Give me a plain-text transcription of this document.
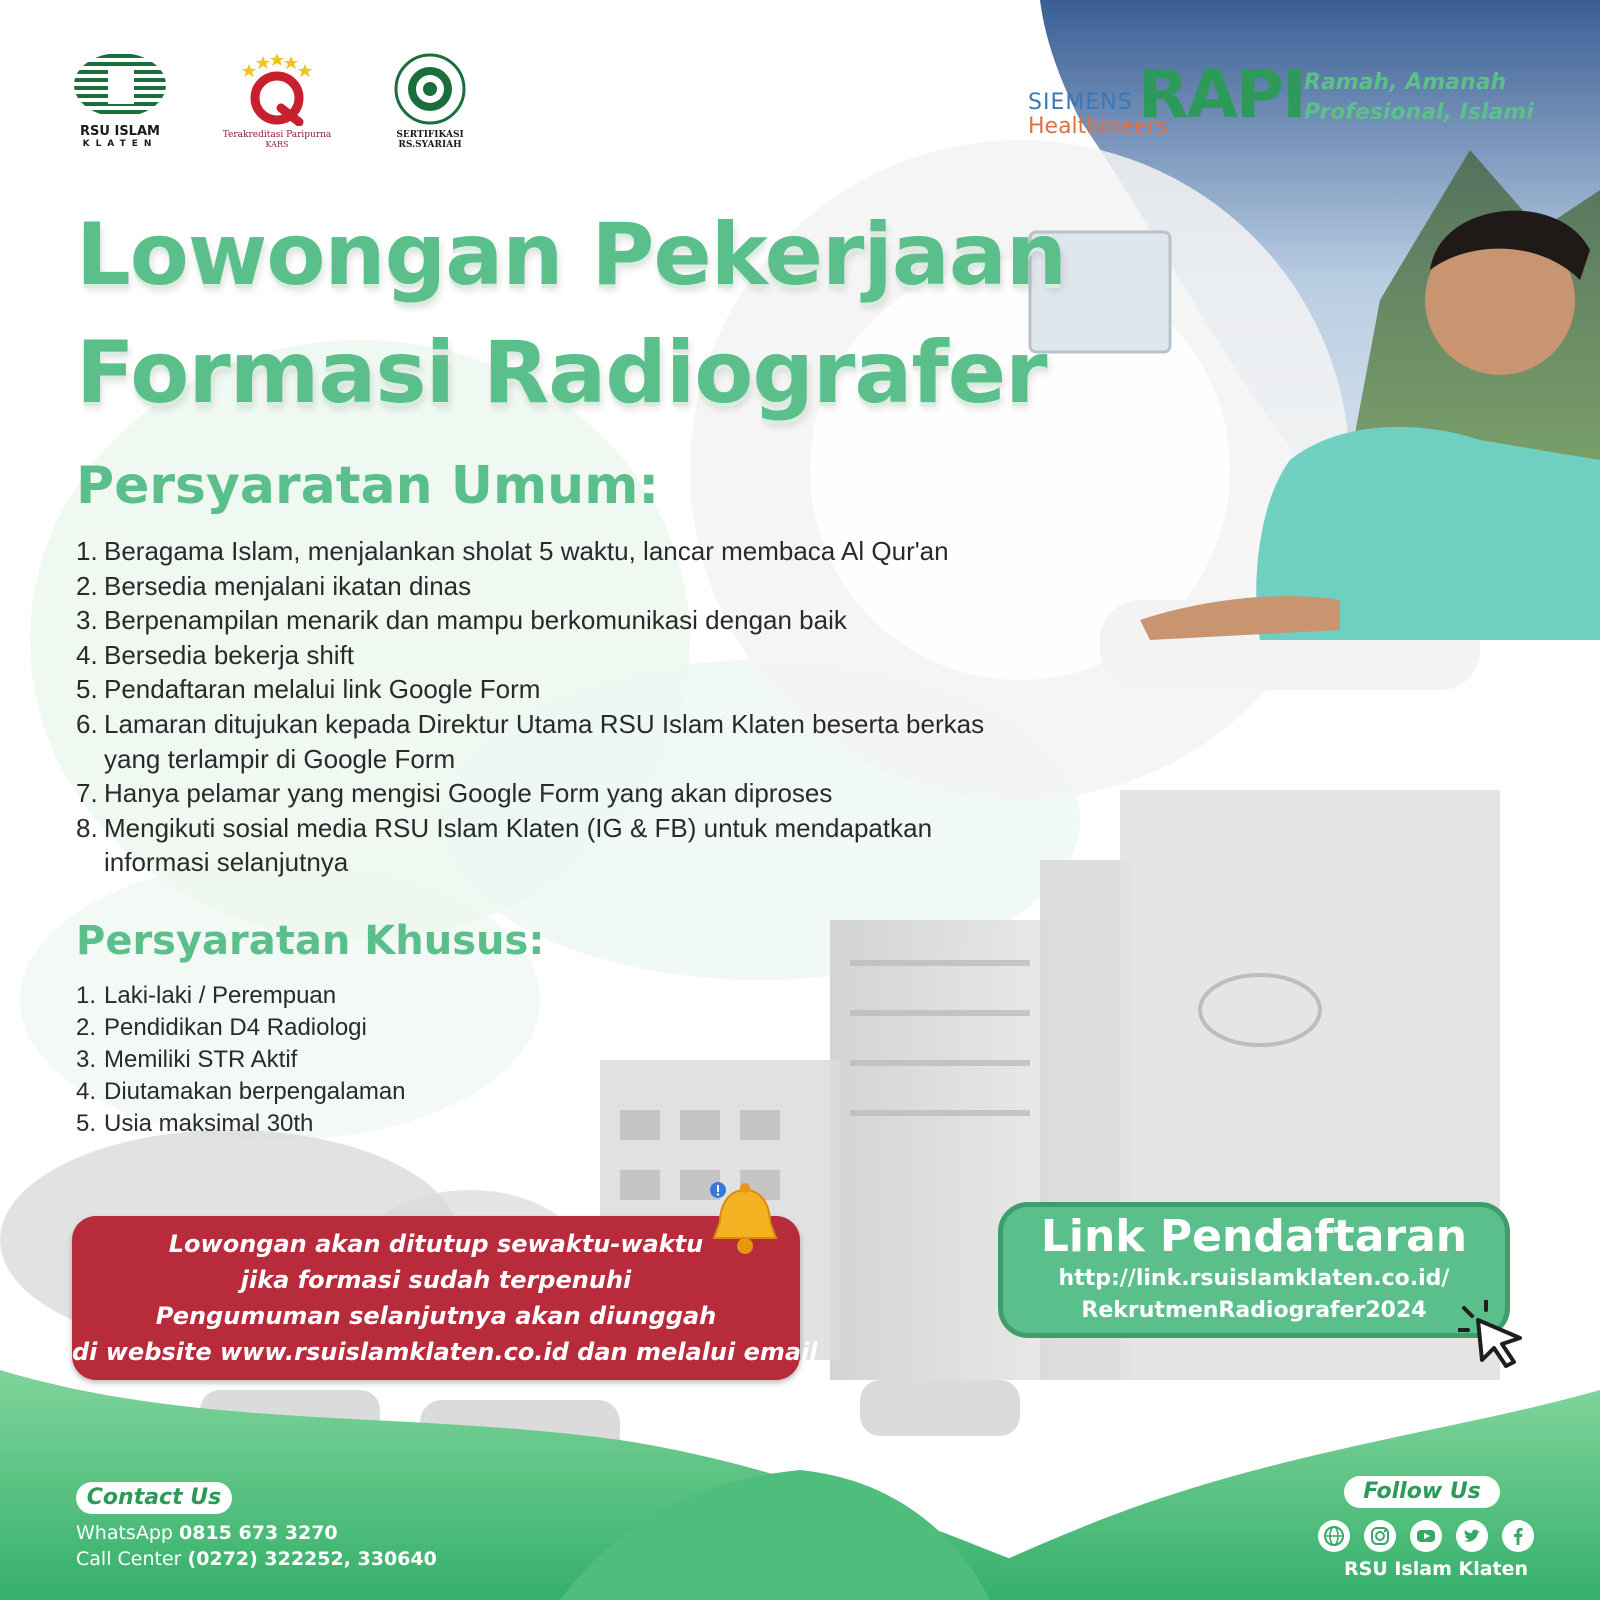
RSU ISLAM
KLATEN
Terakreditasi Paripurna
KARS
SERTIFIKASI
RS.SYARIAH
SIEMENS
Healthineers
RAPI Ramah, Amanah
Profesional, Islami
Lowongan Pekerjaan
Formasi Radiografer
Persyaratan Umum:
1. Beragama Islam, menjalankan sholat 5 waktu, lancar membaca Al Qur'an
2. Bersedia menjalani ikatan dinas
3. Berpenampilan menarik dan mampu berkomunikasi dengan baik
4. Bersedia bekerja shift
5. Pendaftaran melalui link Google Form
6. Lamaran ditujukan kepada Direktur Utama RSU Islam Klaten beserta berkas yang terlampir di Google Form
7. Hanya pelamar yang mengisi Google Form yang akan diproses
8. Mengikuti sosial media RSU Islam Klaten (IG & FB) untuk mendapatkan informasi selanjutnya
Persyaratan Khusus:
1. Laki-laki / Perempuan
2. Pendidikan D4 Radiologi
3. Memiliki STR Aktif
4. Diutamakan berpengalaman
5. Usia maksimal 30th
Lowongan akan ditutup sewaktu-waktu
jika formasi sudah terpenuhi
Pengumuman selanjutnya akan diunggah
di website www.rsuislamklaten.co.id dan melalui email
Link Pendaftaran
http://link.rsuislamklaten.co.id/
RekrutmenRadiografer2024
Contact Us
WhatsApp 0815 673 3270
Call Center (0272) 322252, 330640
Follow Us
RSU Islam Klaten
